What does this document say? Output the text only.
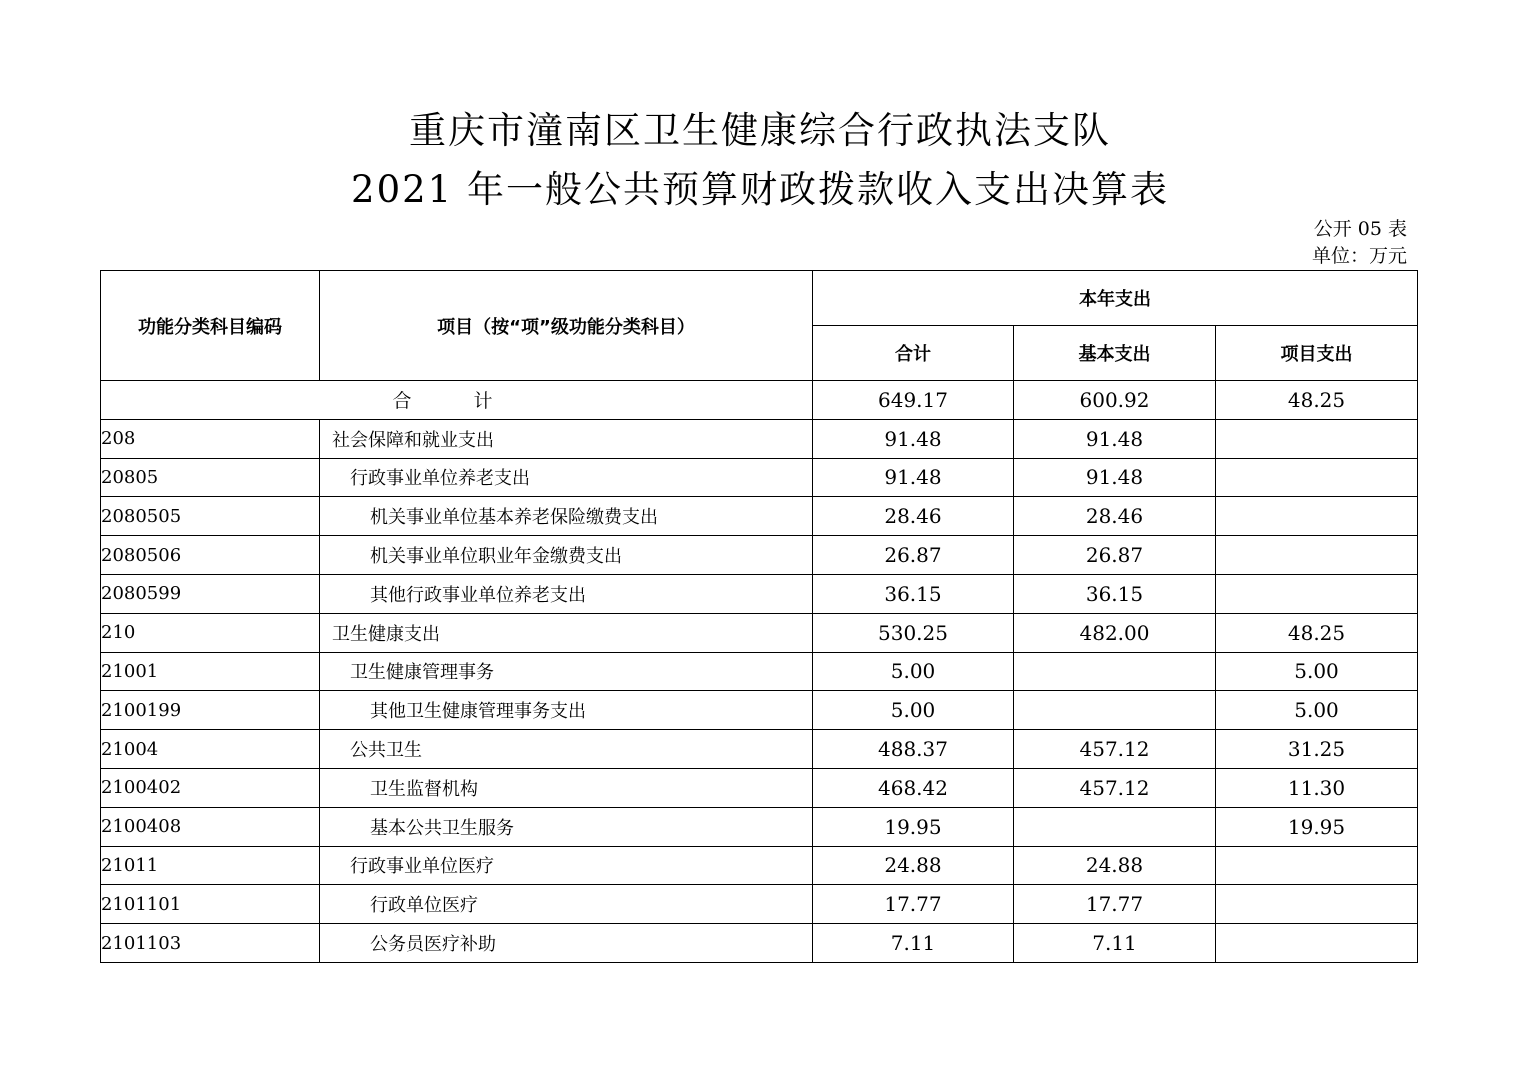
重庆市潼南区卫生健康综合行政执法支队
2021 年一般公共预算财政拨款收入支出决算表
公开 05 表
单位：万元
功能分类科目编码	项目（按“项”级功能分类科目）	本年支出		
		合计	基本支出	项目支出
合 计		649.17	600.92	48.25
208	社会保障和就业支出	91.48	91.48	
20805	行政事业单位养老支出	91.48	91.48	
2080505	机关事业单位基本养老保险缴费支出	28.46	28.46	
2080506	机关事业单位职业年金缴费支出	26.87	26.87	
2080599	其他行政事业单位养老支出	36.15	36.15	
210	卫生健康支出	530.25	482.00	48.25
21001	卫生健康管理事务	5.00		5.00
2100199	其他卫生健康管理事务支出	5.00		5.00
21004	公共卫生	488.37	457.12	31.25
2100402	卫生监督机构	468.42	457.12	11.30
2100408	基本公共卫生服务	19.95		19.95
21011	行政事业单位医疗	24.88	24.88	
2101101	行政单位医疗	17.77	17.77	
2101103	公务员医疗补助	7.11	7.11	
